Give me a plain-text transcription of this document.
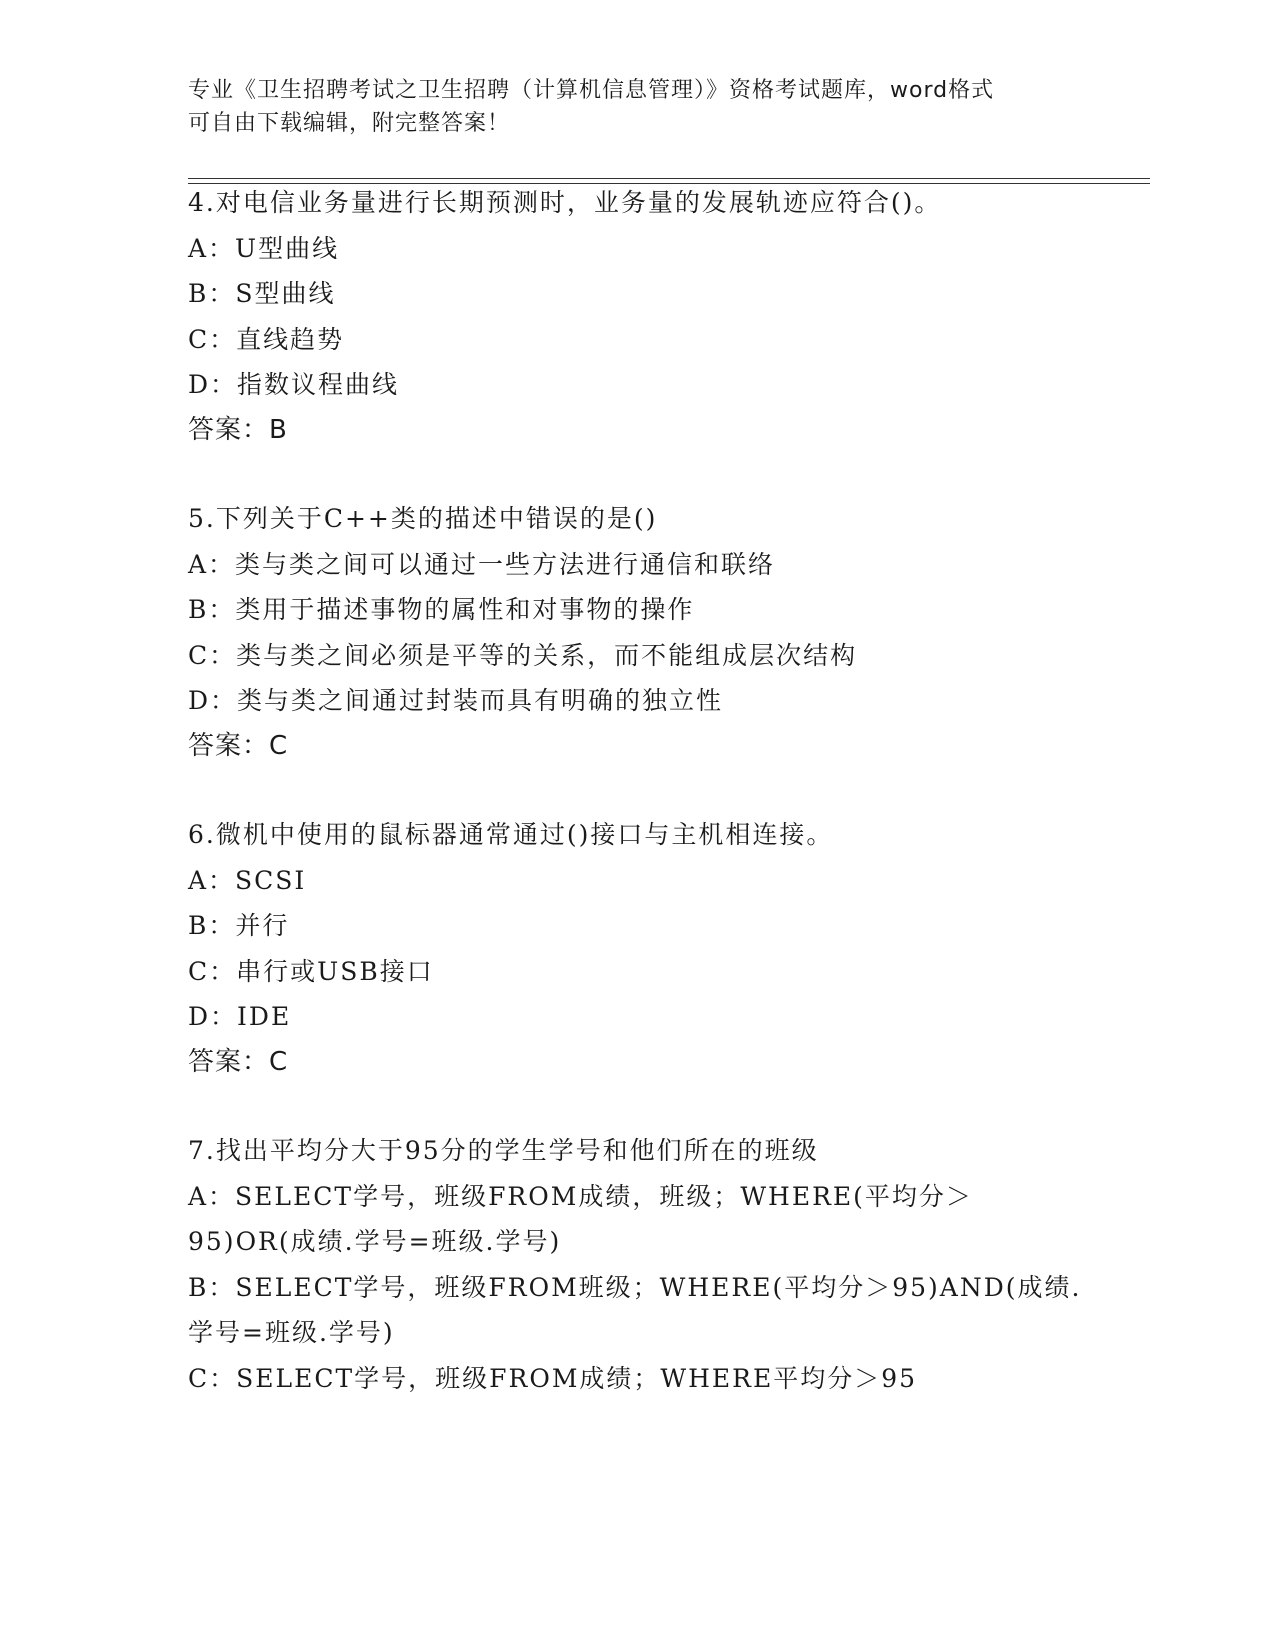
专业《卫生招聘考试之卫生招聘（计算机信息管理）》资格考试题库，word格式
可自由下载编辑，附完整答案！
4.对电信业务量进行长期预测时，业务量的发展轨迹应符合()。
A：U型曲线
B：S型曲线
C：直线趋势
D：指数议程曲线
答案：B
5.下列关于C++类的描述中错误的是()
A：类与类之间可以通过一些方法进行通信和联络
B：类用于描述事物的属性和对事物的操作
C：类与类之间必须是平等的关系，而不能组成层次结构
D：类与类之间通过封装而具有明确的独立性
答案：C
6.微机中使用的鼠标器通常通过()接口与主机相连接。
A：SCSI
B：并行
C：串行或USB接口
D：IDE
答案：C
7.找出平均分大于95分的学生学号和他们所在的班级
A：SELECT学号，班级FROM成绩，班级；WHERE(平均分＞95)OR(成绩.学号=班级.学号)
B：SELECT学号，班级FROM班级；WHERE(平均分＞95)AND(成绩.学号=班级.学号)
C：SELECT学号，班级FROM成绩；WHERE平均分＞95
